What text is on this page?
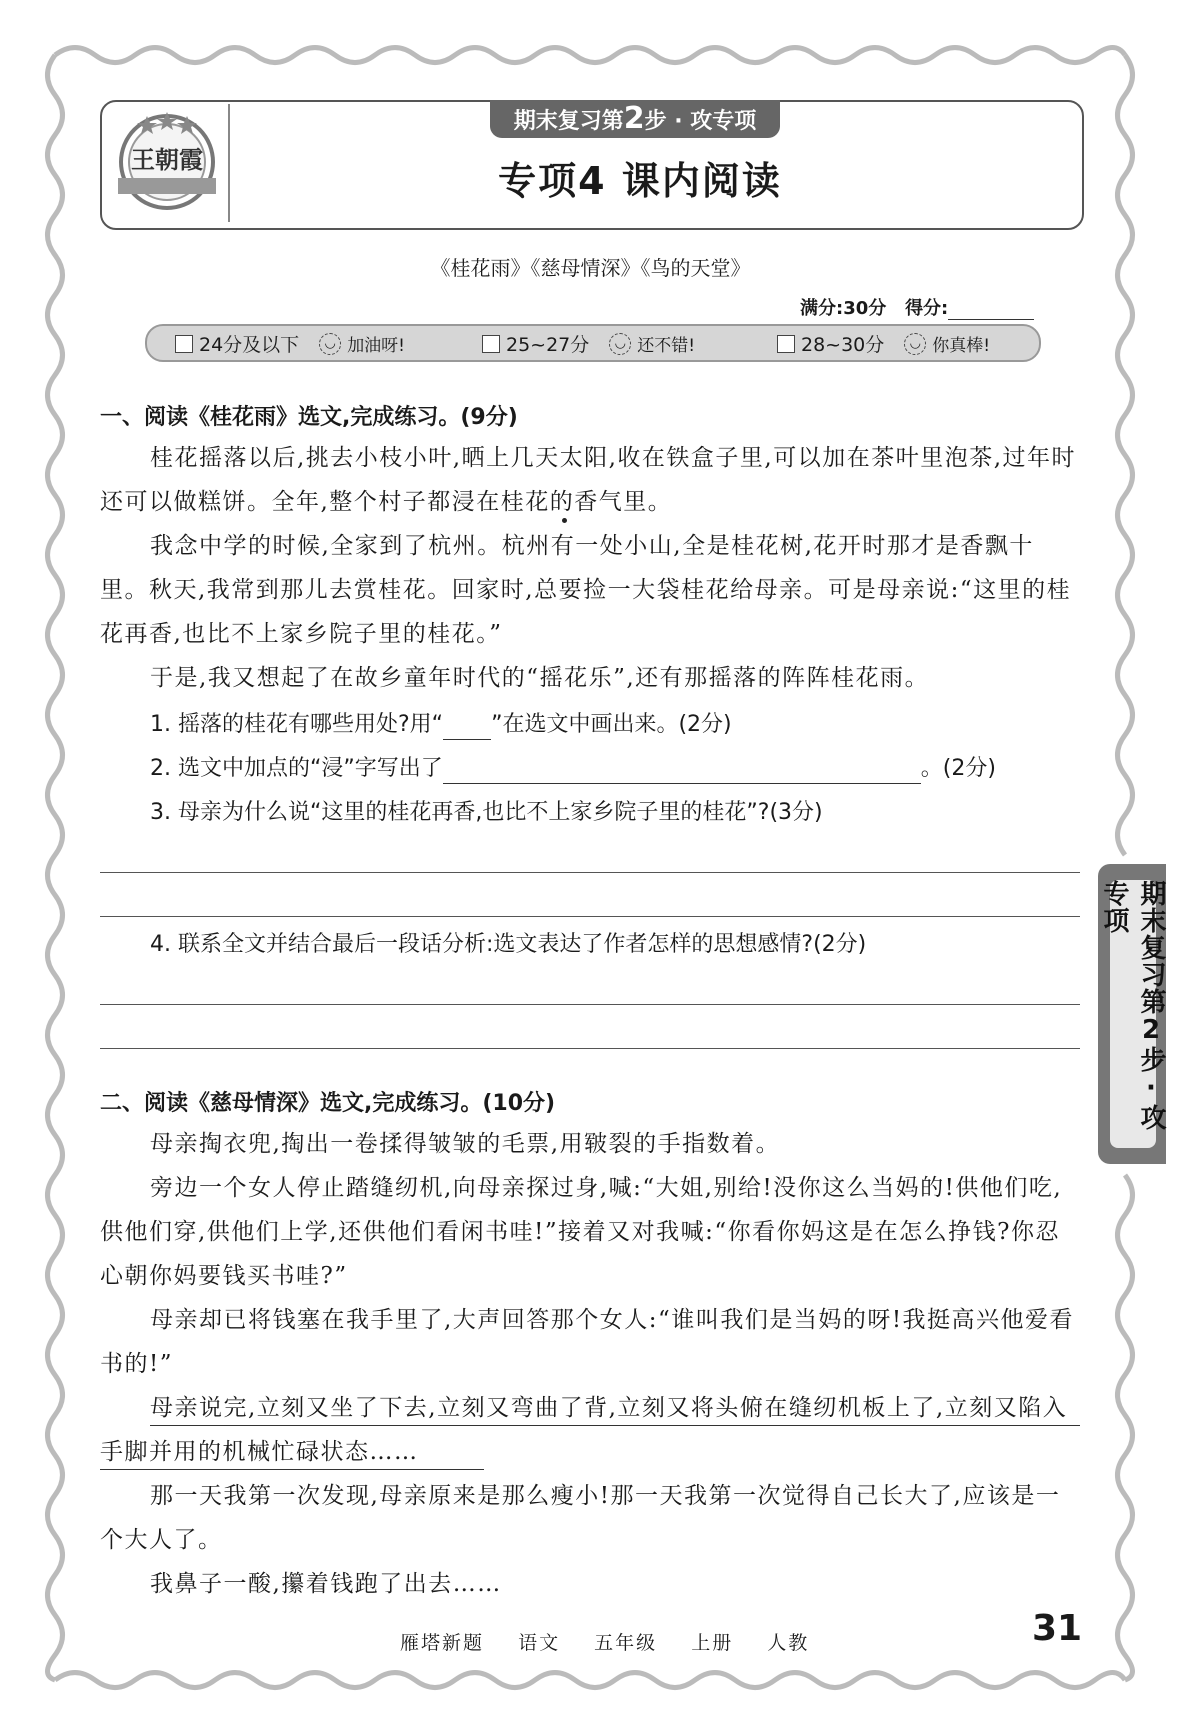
王朝霞
期末复习第2步 · 攻专项
专项4 课内阅读
《桂花雨》《慈母情深》《鸟的天堂》
满分:30分 得分:
24分及以下	◡ 加油呀!	25~27分	◡ 还不错!	28~30分	◡ 你真棒!
一、阅读《桂花雨》选文,完成练习。(9分)

桂花摇落以后,挑去小枝小叶,晒上几天太阳,收在铁盒子里,可以加在茶叶里泡茶,过年时还可以做糕饼。全年,整个村子都浸在桂花的香气里。

我念中学的时候,全家到了杭州。杭州有一处小山,全是桂花树,花开时那才是香飘十里。秋天,我常到那儿去赏桂花。回家时,总要捡一大袋桂花给母亲。可是母亲说:“这里的桂花再香,也比不上家乡院子里的桂花。”

于是,我又想起了在故乡童年时代的“摇花乐”,还有那摇落的阵阵桂花雨。

1. 摇落的桂花有哪些用处?用“ ”在选文中画出来。(2分)
2. 选文中加点的“浸”字写出了	。(2分)
3. 母亲为什么说“这里的桂花再香,也比不上家乡院子里的桂花”?(3分)
4. 联系全文并结合最后一段话分析:选文表达了作者怎样的思想感情?(2分)
二、阅读《慈母情深》选文,完成练习。(10分)

母亲掏衣兜,掏出一卷揉得皱皱的毛票,用皲裂的手指数着。

旁边一个女人停止踏缝纫机,向母亲探过身,喊:“大姐,别给!没你这么当妈的!供他们吃,供他们穿,供他们上学,还供他们看闲书哇!”接着又对我喊:“你看你妈这是在怎么挣钱?你忍心朝你妈要钱买书哇?”

母亲却已将钱塞在我手里了,大声回答那个女人:“谁叫我们是当妈的呀!我挺高兴他爱看书的!”

母亲说完,立刻又坐了下去,立刻又弯曲了背,立刻又将头俯在缝纫机板上了,立刻又陷入手脚并用的机械忙碌状态……

那一天我第一次发现,母亲原来是那么瘦小!那一天我第一次觉得自己长大了,应该是一个大人了。

我鼻子一酸,攥着钱跑了出去……

期末复习第2步·攻专项
雁塔新题 语文 五年级 上册 人教	31
